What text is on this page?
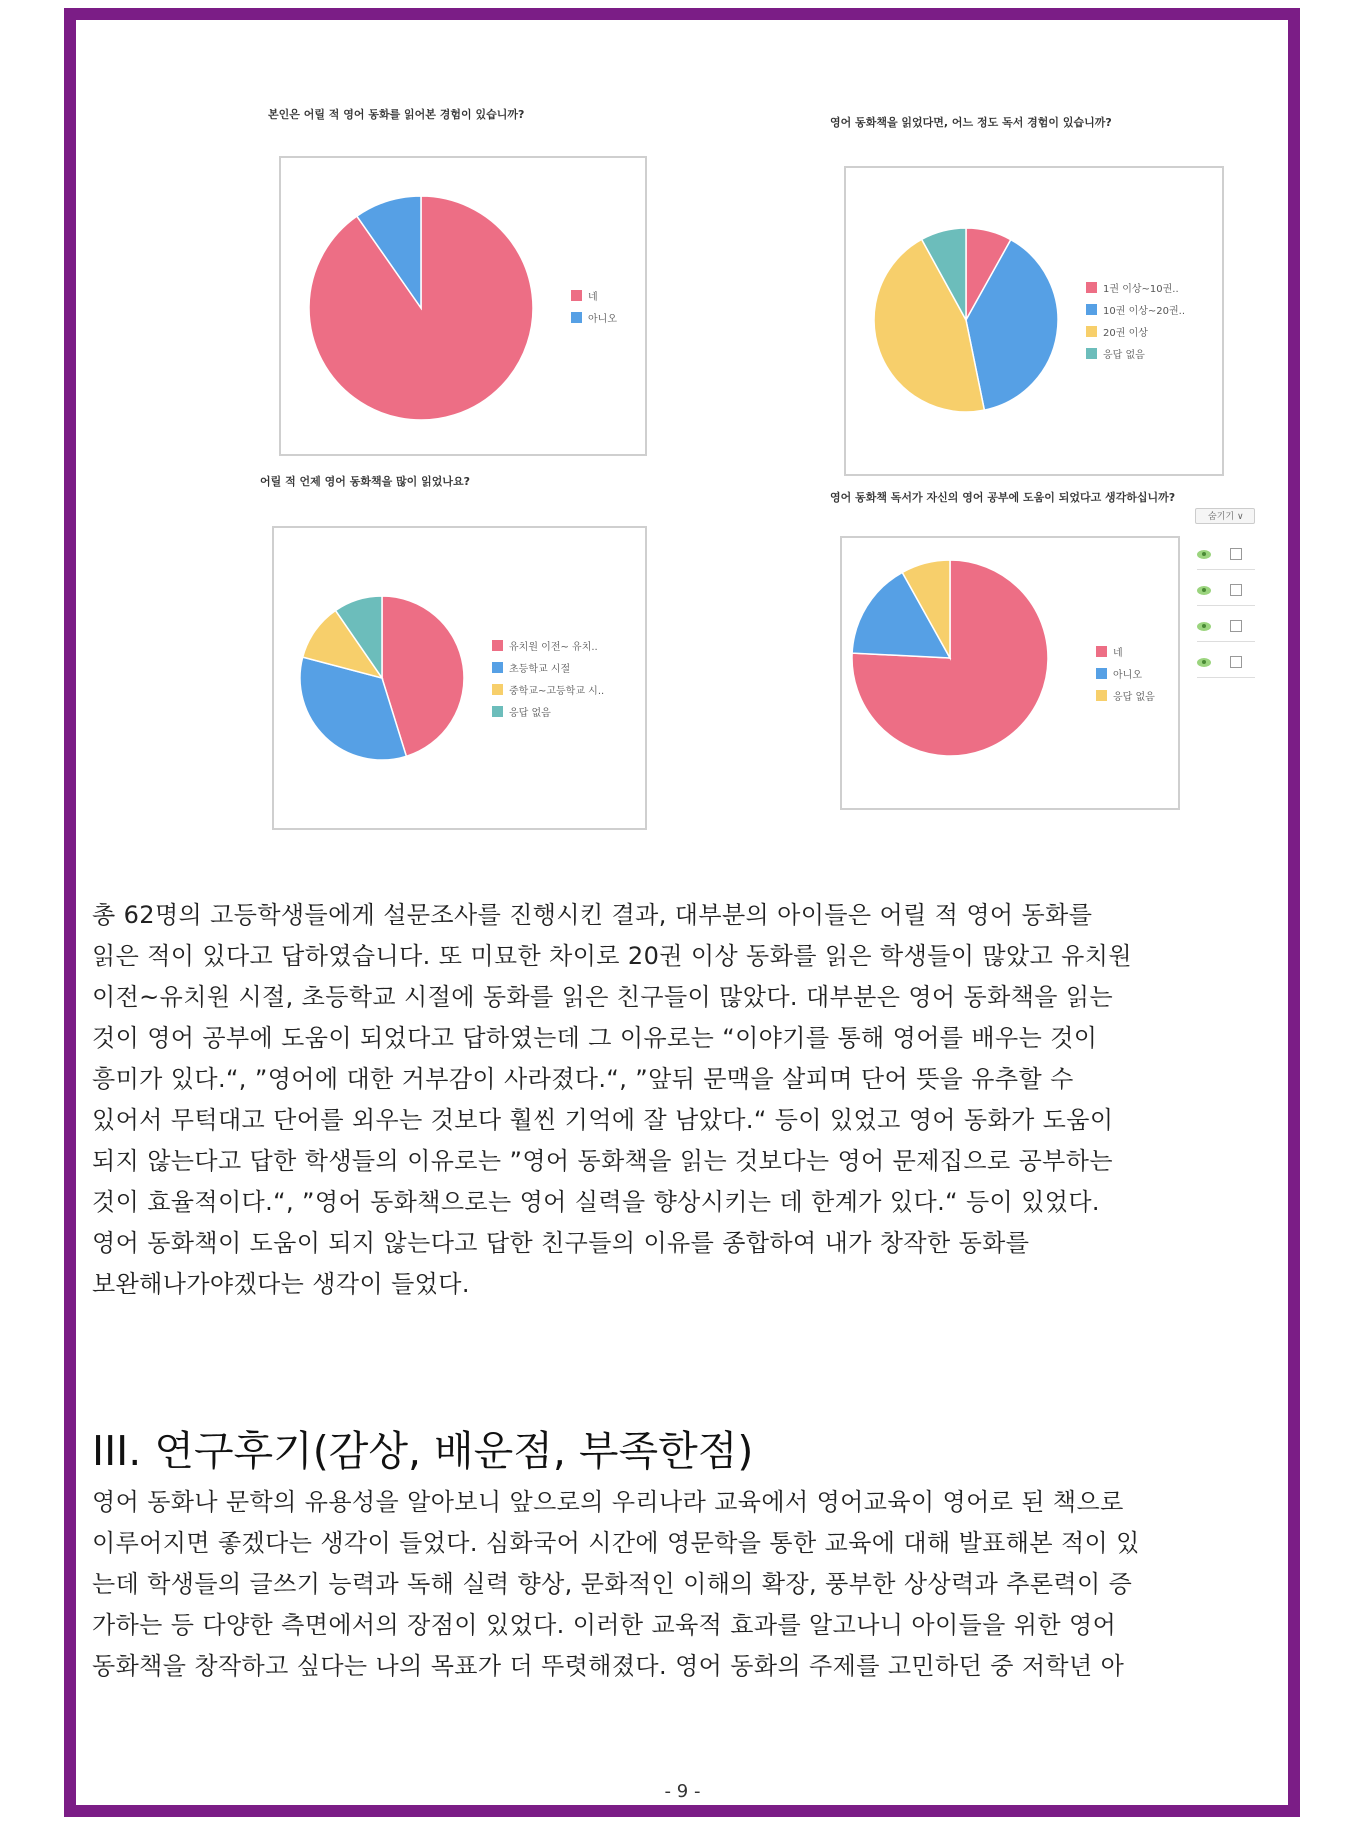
본인은 어릴 적 영어 동화를 읽어본 경험이 있습니까?
네
아니오
영어 동화책을 읽었다면, 어느 정도 독서 경험이 있습니까?
1권 이상~10권..
10권 이상~20권..
20권 이상
응답 없음
어릴 적 언제 영어 동화책을 많이 읽었나요?
유치원 이전~ 유치..
초등학교 시절
중학교~고등학교 시..
응답 없음
영어 동화책 독서가 자신의 영어 공부에 도움이 되었다고 생각하십니까?
네
아니오
응답 없음
숨기기 ∨

총 62명의 고등학생들에게 설문조사를 진행시킨 결과, 대부분의 아이들은 어릴 적 영어 동화를

읽은 적이 있다고 답하였습니다. 또 미묘한 차이로 20권 이상 동화를 읽은 학생들이 많았고 유치원

이전~유치원 시절, 초등학교 시절에 동화를 읽은 친구들이 많았다. 대부분은 영어 동화책을 읽는

것이 영어 공부에 도움이 되었다고 답하였는데 그 이유로는 “이야기를 통해 영어를 배우는 것이

흥미가 있다.“, ”영어에 대한 거부감이 사라졌다.“, ”앞뒤 문맥을 살피며 단어 뜻을 유추할 수

있어서 무턱대고 단어를 외우는 것보다 훨씬 기억에 잘 남았다.“ 등이 있었고 영어 동화가 도움이

되지 않는다고 답한 학생들의 이유로는 ”영어 동화책을 읽는 것보다는 영어 문제집으로 공부하는

것이 효율적이다.“, ”영어 동화책으로는 영어 실력을 향상시키는 데 한계가 있다.“ 등이 있었다.

영어 동화책이 도움이 되지 않는다고 답한 친구들의 이유를 종합하여 내가 창작한 동화를

보완해나가야겠다는 생각이 들었다.

III. 연구후기(감상, 배운점, 부족한점)

영어 동화나 문학의 유용성을 알아보니 앞으로의 우리나라 교육에서 영어교육이 영어로 된 책으로

이루어지면 좋겠다는 생각이 들었다. 심화국어 시간에 영문학을 통한 교육에 대해 발표해본 적이 있

는데 학생들의 글쓰기 능력과 독해 실력 향상, 문화적인 이해의 확장, 풍부한 상상력과 추론력이 증

가하는 등 다양한 측면에서의 장점이 있었다. 이러한 교육적 효과를 알고나니 아이들을 위한 영어

동화책을 창작하고 싶다는 나의 목표가 더 뚜렷해졌다. 영어 동화의 주제를 고민하던 중 저학년 아

- 9 -
